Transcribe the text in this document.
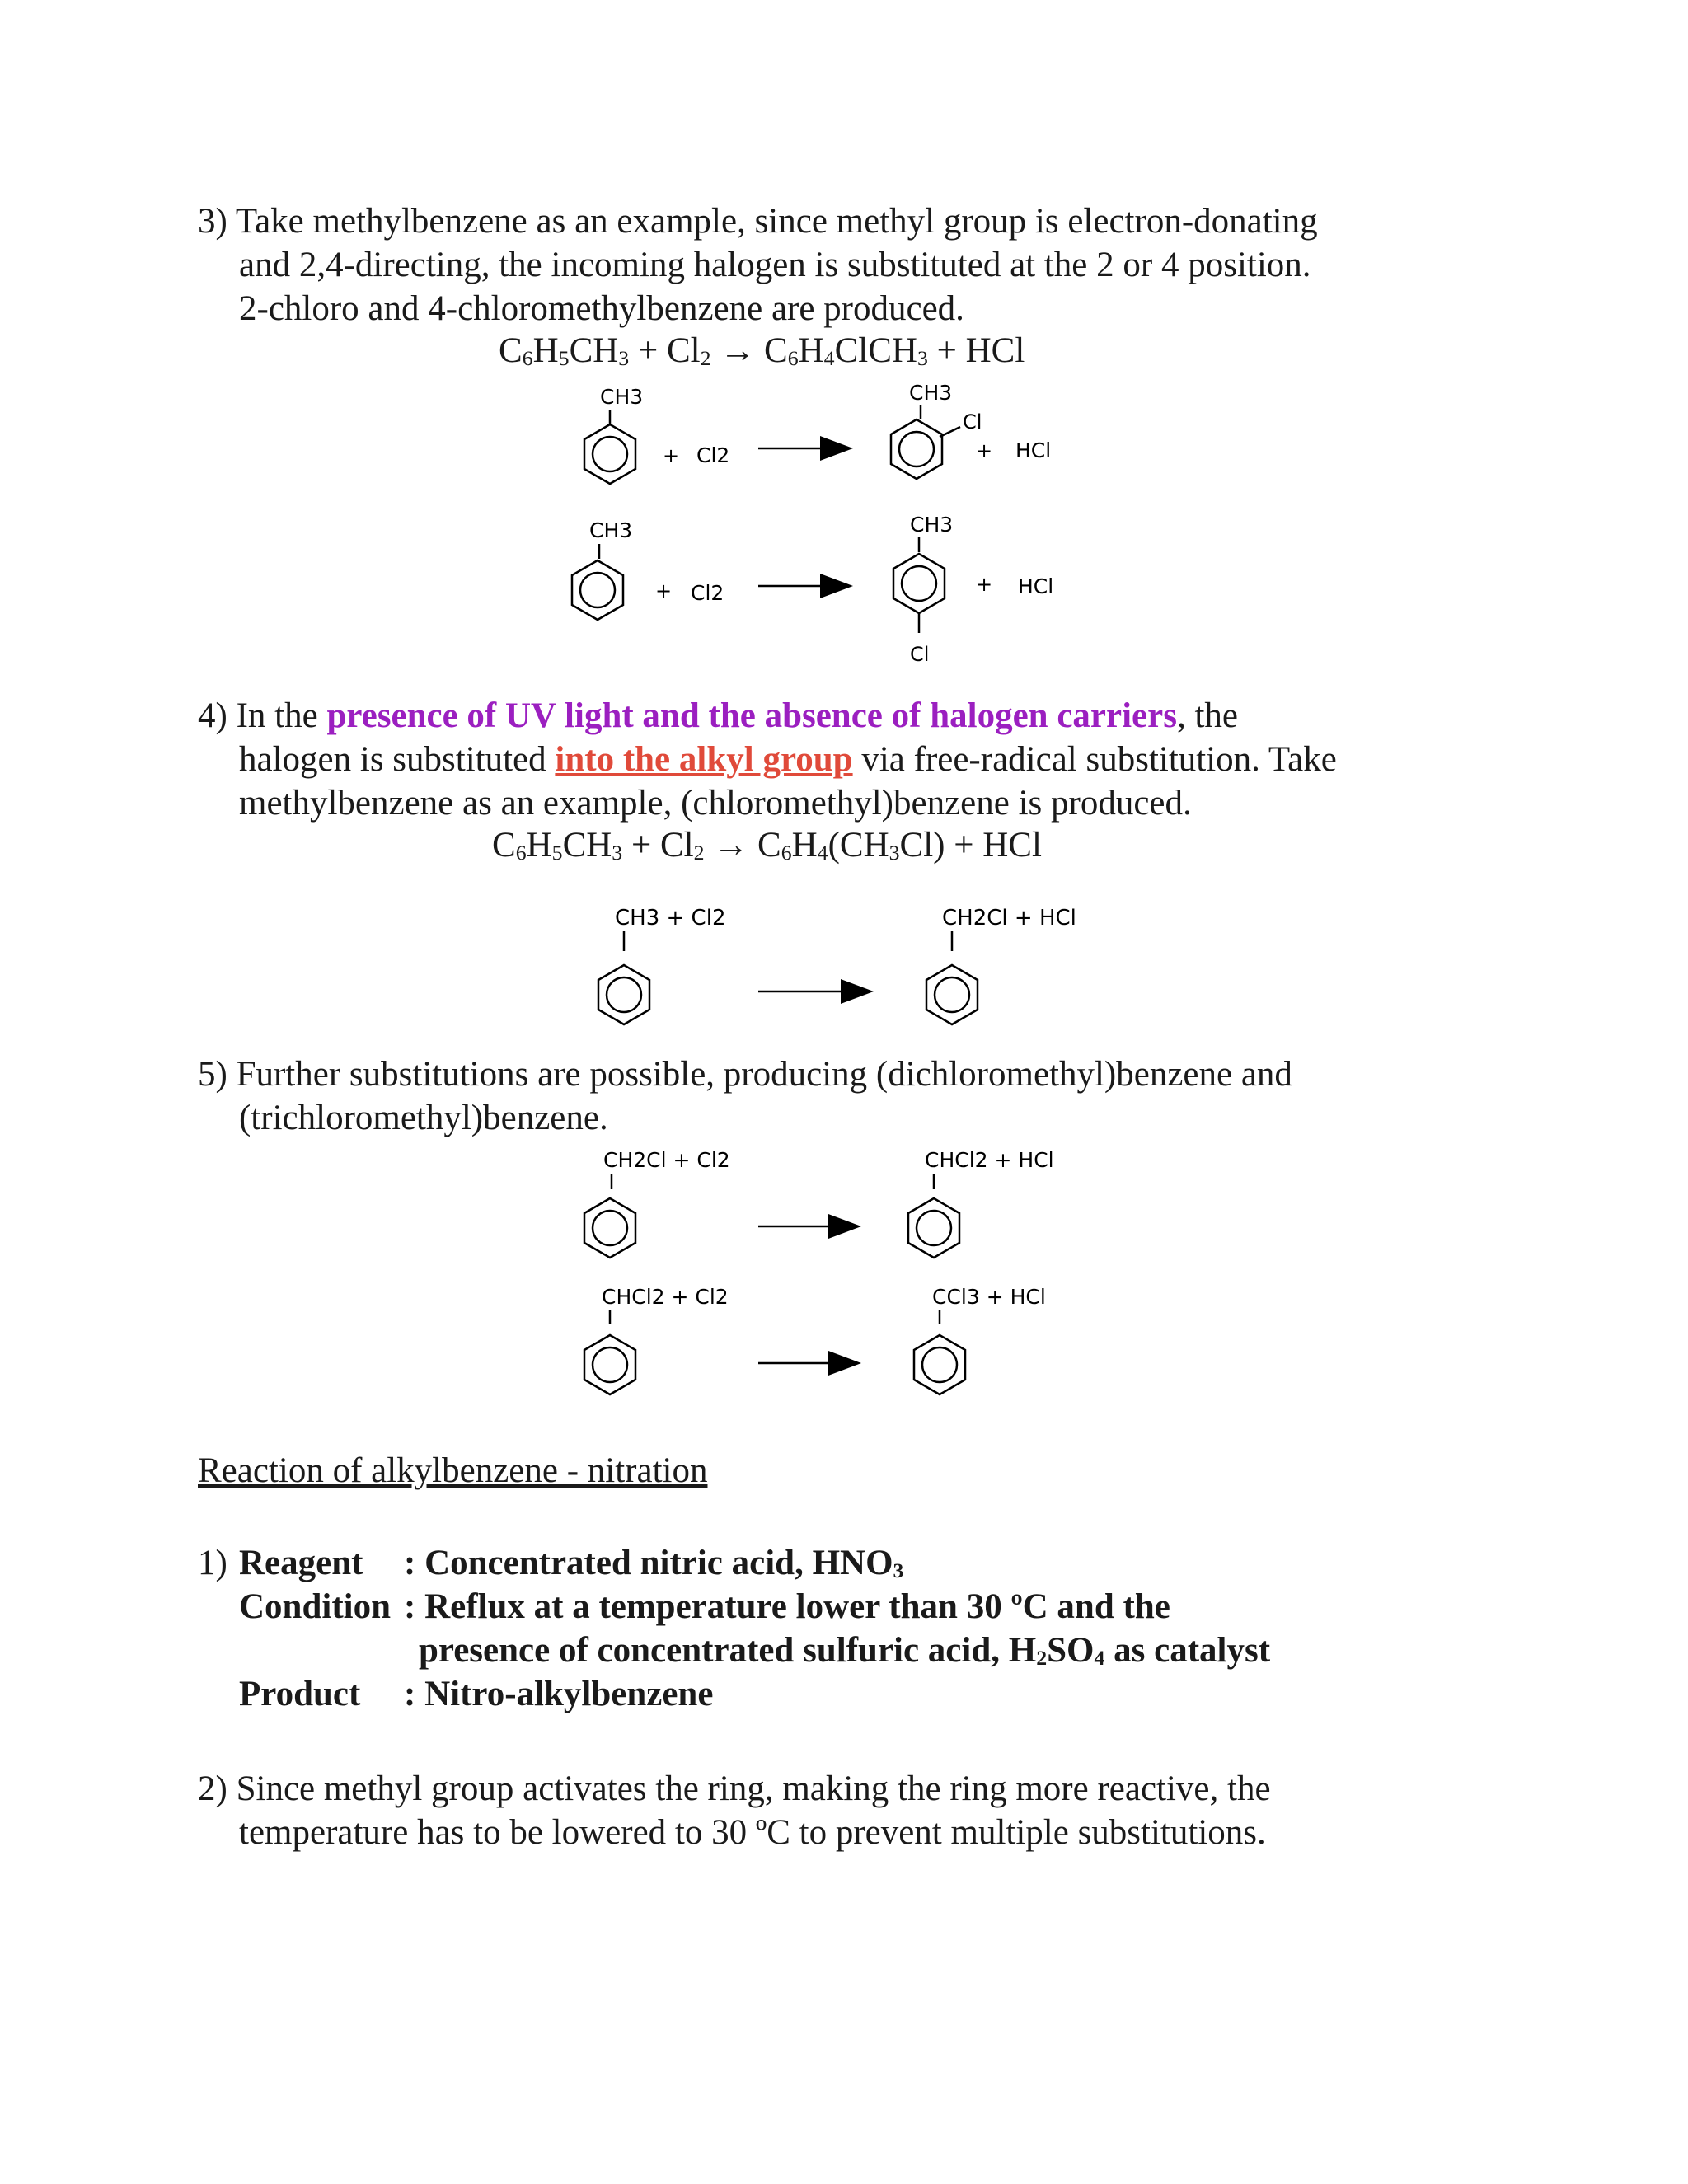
3) Take methylbenzene as an example, since methyl group is electron-donating
and 2,4-directing, the incoming halogen is substituted at the 2 or 4 position.
2-chloro and 4-chloromethylbenzene are produced.
$C_6H_5CH_3 + Cl_2$ → $C_6H_4ClCH_3$ + HCl
CH3
+ Cl2
CH3
Cl
+ HCl
CH3
+ Cl2
CH3
Cl
+ HCl
CH3 + Cl2	CH2Cl + HCl
CH2Cl + Cl2	CHCl2 + HCl
CHCl2 + Cl2	CCl3 + HCl
4) In the presence of UV light and the absence of halogen carriers, the
halogen is substituted into the alkyl group via free-radical substitution. Take
methylbenzene as an example, (chloromethyl)benzene is produced.
$C_6H_5CH_3 + Cl_2 \to C_6H_4(CH_3Cl)$ + HCl
5) Further substitutions are possible, producing (dichloromethyl)benzene and
(trichloromethyl)benzene.
Reaction of alkylbenzene - nitration
1) Reagent	: Concentrated nitric acid, $HNO_3$
Condition : Reflux at a temperature lower than 30 ºC and the
presence of concentrated sulfuric acid, $H_2SO_4$ as catalyst
Product	: Nitro-alkylbenzene
2) Since methyl group activates the ring, making the ring more reactive, the
temperature has to be lowered to 30 ºC to prevent multiple substitutions.
